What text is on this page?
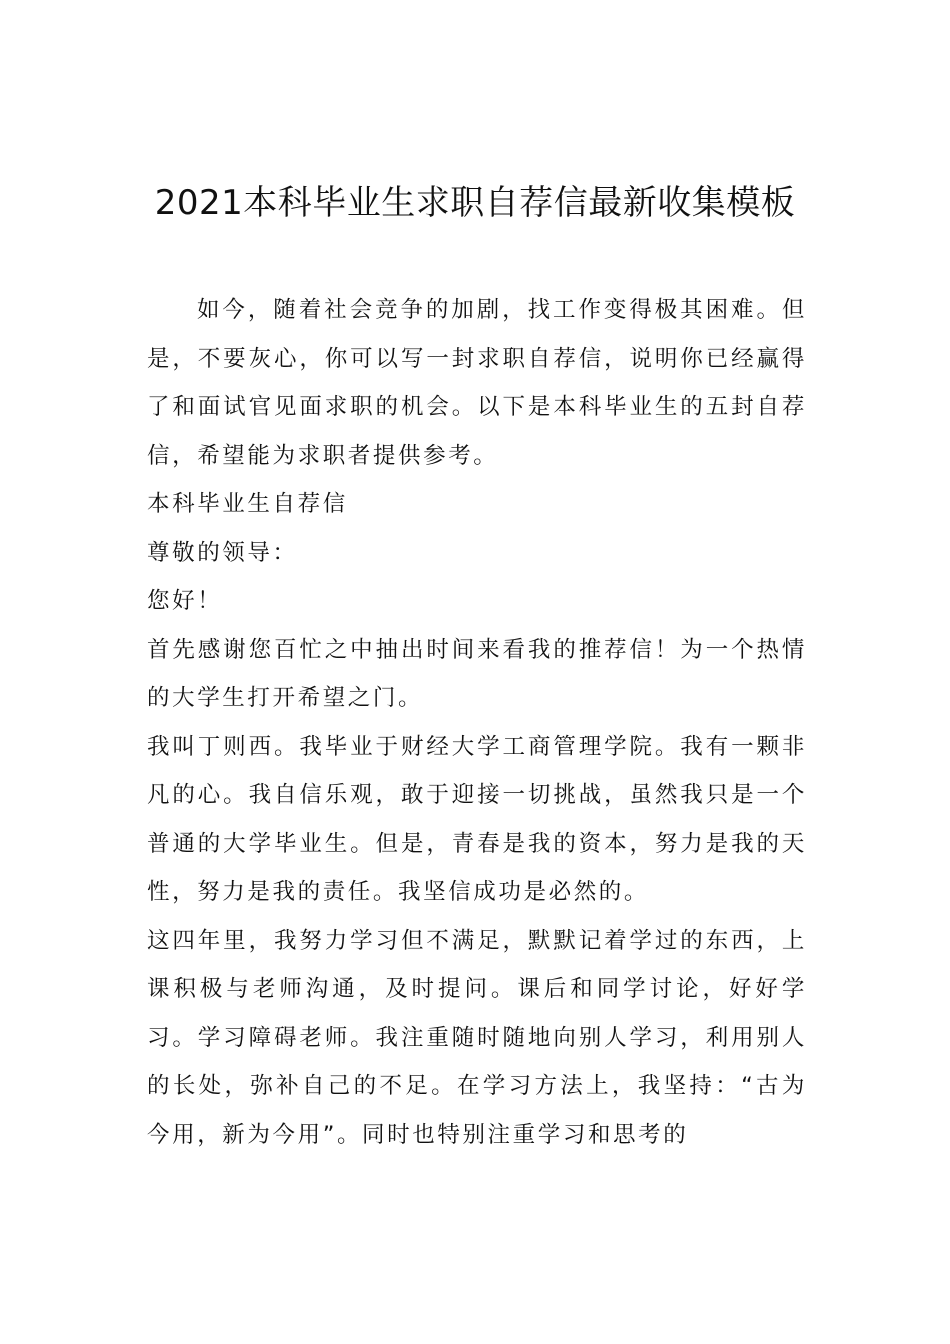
2021本科毕业生求职自荐信最新收集模板

如今，随着社会竞争的加剧，找工作变得极其困难。但是，不要灰心，你可以写一封求职自荐信，说明你已经赢得了和面试官见面求职的机会。以下是本科毕业生的五封自荐信，希望能为求职者提供参考。

本科毕业生自荐信

尊敬的领导：

您好！

首先感谢您百忙之中抽出时间来看我的推荐信！为一个热情的大学生打开希望之门。

我叫丁则西。我毕业于财经大学工商管理学院。我有一颗非凡的心。我自信乐观，敢于迎接一切挑战，虽然我只是一个普通的大学毕业生。但是，青春是我的资本，努力是我的天性，努力是我的责任。我坚信成功是必然的。

这四年里，我努力学习但不满足，默默记着学过的东西，上课积极与老师沟通，及时提问。课后和同学讨论，好好学习。学习障碍老师。我注重随时随地向别人学习，利用别人的长处，弥补自己的不足。在学习方法上，我坚持：“古为今用，新为今用”。同时也特别注重学习和思考的
